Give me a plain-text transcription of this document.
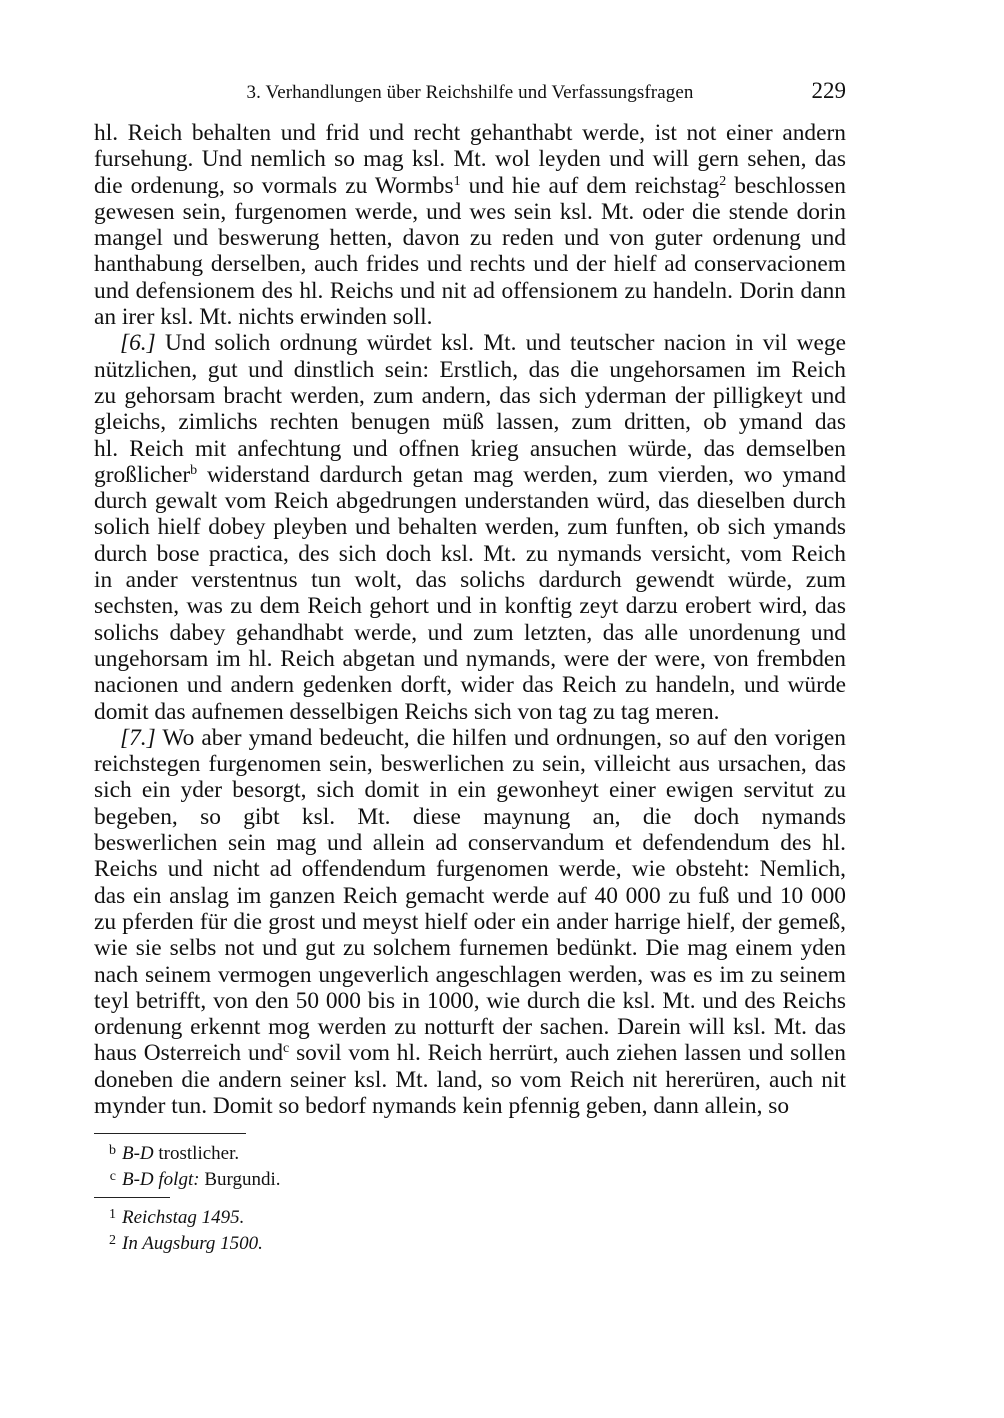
3. Verhandlungen über Reichshilfe und Verfassungsfragen	229
hl. Reich behalten und frid und recht gehanthabt werde, ist not einer andern
fursehung. Und nemlich so mag ksl. Mt. wol leyden und will gern sehen, das
die ordenung, so vormals zu Wormbs$^1$ und hie auf dem reichstag$^2$ beschlossen
gewesen sein, furgenomen werde, und wes sein ksl. Mt. oder die stende dorin
mangel und beswerung hetten, davon zu reden und von guter ordenung und
hanthabung derselben, auch frides und rechts und der hielf ad conservacionem
und defensionem des hl. Reichs und nit ad offensionem zu handeln. Dorin dann
an irer ksl. Mt. nichts erwinden soll.
[6.] Und solich ordnung würdet ksl. Mt. und teutscher nacion in vil wege
nützlichen, gut und dinstlich sein: Erstlich, das die ungehorsamen im Reich
zu gehorsam bracht werden, zum andern, das sich yderman der pilligkeyt und
gleichs, zimlichs rechten benugen müß lassen, zum dritten, ob ymand das
hl. Reich mit anfechtung und offnen krieg ansuchen würde, das demselben
großlicher$^b$ widerstand dardurch getan mag werden, zum vierden, wo ymand
durch gewalt vom Reich abgedrungen understanden würd, das dieselben durch
solich hielf dobey pleyben und behalten werden, zum funften, ob sich ymands
durch bose practica, des sich doch ksl. Mt. zu nymands versicht, vom Reich
in ander verstentnus tun wolt, das solichs dardurch gewendt würde, zum
sechsten, was zu dem Reich gehort und in konftig zeyt darzu erobert wird, das
solichs dabey gehandhabt werde, und zum letzten, das alle unordenung und
ungehorsam im hl. Reich abgetan und nymands, were der were, von frembden
nacionen und andern gedenken dorft, wider das Reich zu handeln, und würde
domit das aufnemen desselbigen Reichs sich von tag zu tag meren.
[7.] Wo aber ymand bedeucht, die hilfen und ordnungen, so auf den vorigen
reichstegen furgenomen sein, beswerlichen zu sein, villeicht aus ursachen, das
sich ein yder besorgt, sich domit in ein gewonheyt einer ewigen servitut zu
begeben, so gibt ksl. Mt. diese maynung an, die doch nymands
beswerlichen sein mag und allein ad conservandum et defendendum des hl.
Reichs und nicht ad offendendum furgenomen werde, wie obsteht: Nemlich,
das ein anslag im ganzen Reich gemacht werde auf 40 000 zu fuß und 10 000
zu pferden für die grost und meyst hielf oder ein ander harrige hielf, der gemeß,
wie sie selbs not und gut zu solchem furnemen bedünkt. Die mag einem yden
nach seinem vermogen ungeverlich angeschlagen werden, was es im zu seinem
teyl betrifft, von den 50 000 bis in 1000, wie durch die ksl. Mt. und des Reichs
ordenung erkennt mog werden zu notturft der sachen. Darein will ksl. Mt. das
haus Osterreich und$^c$ sovil vom hl. Reich herrürt, auch ziehen lassen und sollen
doneben die andern seiner ksl. Mt. land, so vom Reich nit hererüren, auch nit
mynder tun. Domit so bedorf nymands kein pfennig geben, dann allein, so
b B-D trostlicher.
c B-D folgt: Burgundi.
1 Reichstag 1495.
2 In Augsburg 1500.
